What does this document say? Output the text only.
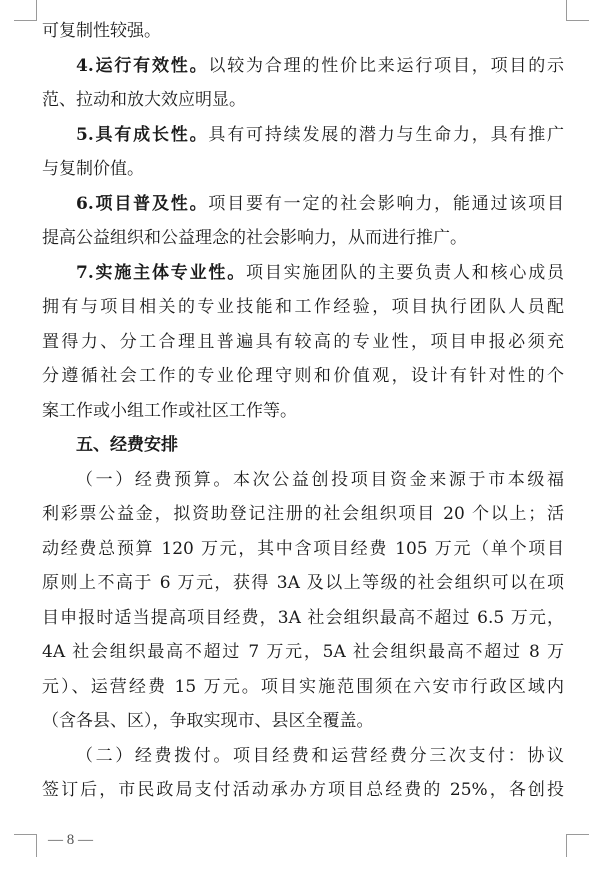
可复制性较强。
4.运行有效性。以较为合理的性价比来运行项目，项目的示
范、拉动和放大效应明显。
5.具有成长性。具有可持续发展的潜力与生命力，具有推广
与复制价值。
6.项目普及性。项目要有一定的社会影响力，能通过该项目
提高公益组织和公益理念的社会影响力，从而进行推广。
7.实施主体专业性。项目实施团队的主要负责人和核心成员
拥有与项目相关的专业技能和工作经验，项目执行团队人员配
置得力、分工合理且普遍具有较高的专业性，项目申报必须充
分遵循社会工作的专业伦理守则和价值观，设计有针对性的个
案工作或小组工作或社区工作等。
五、经费安排
（一）经费预算。本次公益创投项目资金来源于市本级福
利彩票公益金，拟资助登记注册的社会组织项目 20 个以上；活
动经费总预算 120 万元，其中含项目经费 105 万元（单个项目
原则上不高于 6 万元，获得 3A 及以上等级的社会组织可以在项
目申报时适当提高项目经费，3A 社会组织最高不超过 6.5 万元，
4A 社会组织最高不超过 7 万元，5A 社会组织最高不超过 8 万
元）、运营经费 15 万元。项目实施范围须在六安市行政区域内
（含各县、区），争取实现市、县区全覆盖。
（二）经费拨付。项目经费和运营经费分三次支付：协议
签订后，市民政局支付活动承办方项目总经费的 25%，各创投
— 8 —
